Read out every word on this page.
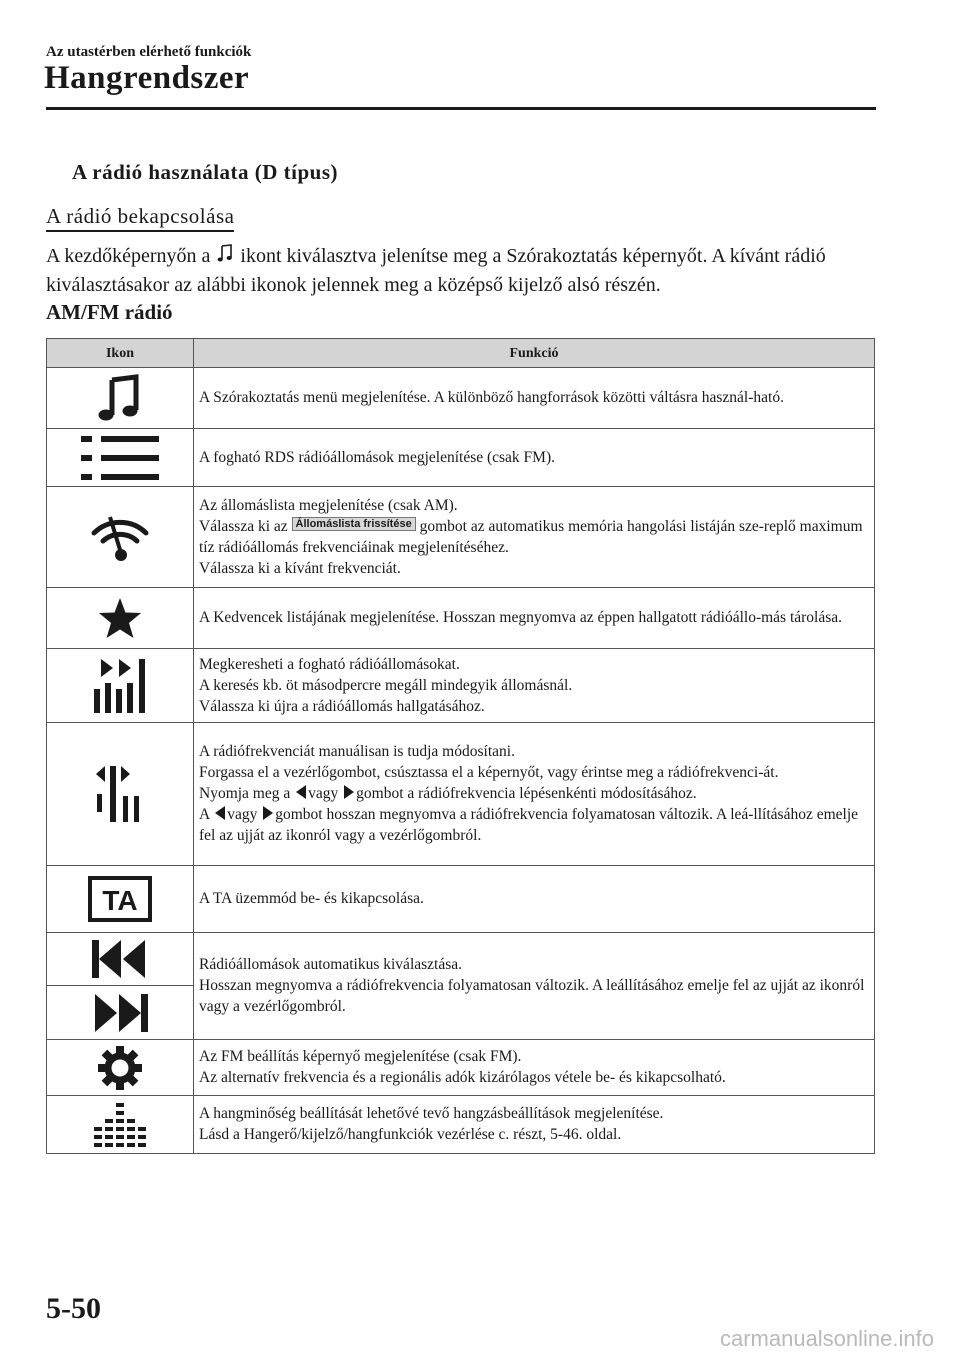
Az utastérben elérhető funkciók
Hangrendszer
A rádió használata (D típus)
A rádió bekapcsolása
A kezdőképernyőn a ikont kiválasztva jelenítse meg a Szórakoztatás képernyőt. A kívánt rádió kiválasztásakor az alábbi ikonok jelennek meg a középső kijelző alsó részén.
AM/FM rádió
Ikon	Funkció

	A Szórakoztatás menü megjelenítése. A különböző hangforrások közötti váltásra használ-ható.

	A fogható RDS rádióállomások megjelenítése (csak FM).

Az állomáslista megjelenítése (csak AM).
Válassza ki az Állomáslista frissítése gombot az automatikus memória hangolási listáján sze-replő maximum tíz rádióállomás frekvenciáinak megjelenítéséhez.
Válassza ki a kívánt frekvenciát.

	A Kedvencek listájának megjelenítése. Hosszan megnyomva az éppen hallgatott rádióállo-más tárolása.

Megkeresheti a fogható rádióállomásokat.
A keresés kb. öt másodpercre megáll mindegyik állomásnál.
Válassza ki újra a rádióállomás hallgatásához.

A rádiófrekvenciát manuálisan is tudja módosítani.
Forgassa el a vezérlőgombot, csúsztassa el a képernyőt, vagy érintse meg a rádiófrekvenci-át.
Nyomja meg a vagy gombot a rádiófrekvencia lépésenkénti módosításához.
A vagy gombot hosszan megnyomva a rádiófrekvencia folyamatosan változik. A leá-llításához emelje fel az ujját az ikonról vagy a vezérlőgombról.

TA	A TA üzemmód be- és kikapcsolása.

Rádióállomások automatikus kiválasztása.
Hosszan megnyomva a rádiófrekvencia folyamatosan változik. A leállításához emelje fel az ujját az ikonról vagy a vezérlőgombról.

Az FM beállítás képernyő megjelenítése (csak FM).
Az alternatív frekvencia és a regionális adók kizárólagos vétele be- és kikapcsolható.

A hangminőség beállítását lehetővé tevő hangzásbeállítások megjelenítése.
Lásd a Hangerő/kijelző/hangfunkciók vezérlése c. részt, 5-46. oldal.
5-50
carmanualsonline.info
